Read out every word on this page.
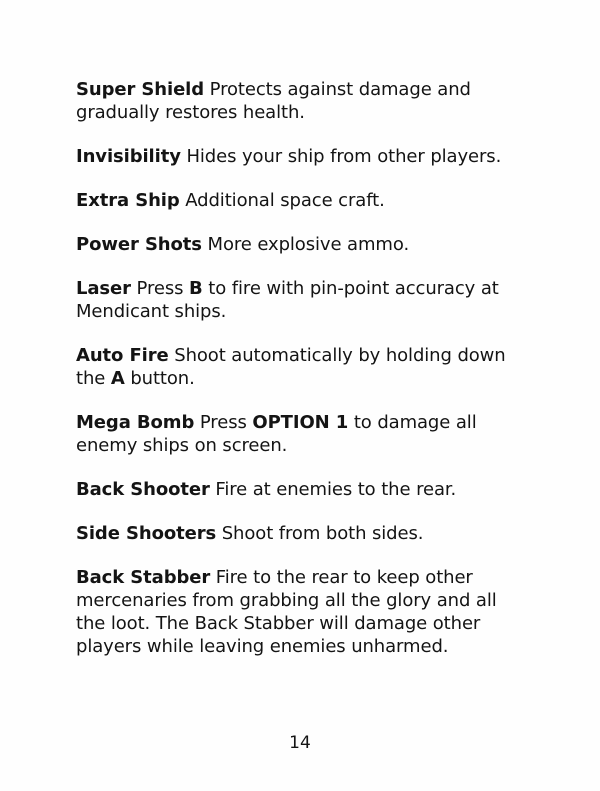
Super Shield Protects against damage and gradually restores health.

Invisibility Hides your ship from other players.

Extra Ship Additional space craft.

Power Shots More explosive ammo.

Laser Press B to fire with pin-point accuracy at Mendicant ships.

Auto Fire Shoot automatically by holding down the A button.

Mega Bomb Press OPTION 1 to damage all enemy ships on screen.

Back Shooter Fire at enemies to the rear.

Side Shooters Shoot from both sides.

Back Stabber Fire to the rear to keep other mercenaries from grabbing all the glory and all the loot. The Back Stabber will damage other players while leaving enemies unharmed.

14
